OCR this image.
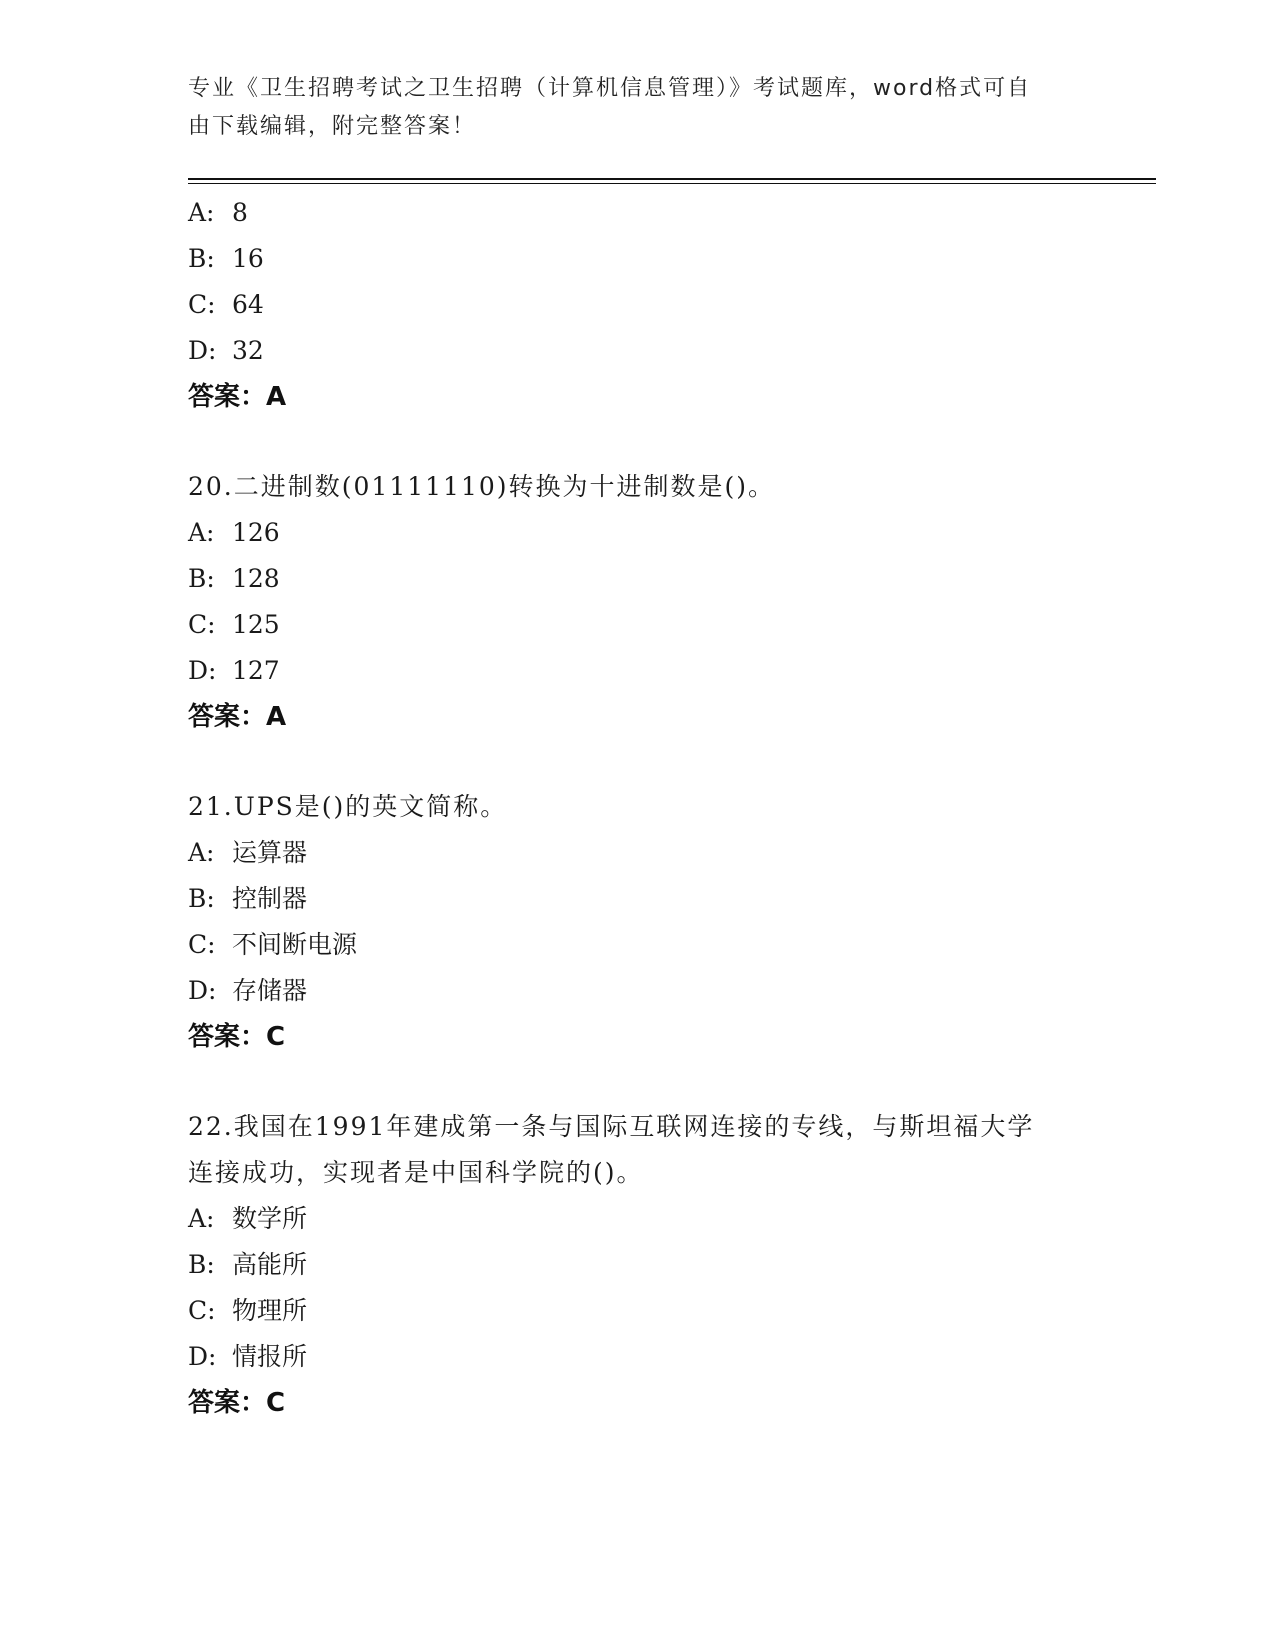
专业《卫生招聘考试之卫生招聘（计算机信息管理）》考试题库，word格式可自
由下载编辑，附完整答案！
A: 8
B: 16
C: 64
D: 32
答案：A
20.二进制数(01111110)转换为十进制数是()。
A: 126
B: 128
C: 125
D: 127
答案：A
21.UPS是()的英文简称。
A: 运算器
B: 控制器
C: 不间断电源
D: 存储器
答案：C
22.我国在1991年建成第一条与国际互联网连接的专线，与斯坦福大学连接成功，实现者是中国科学院的()。
A: 数学所
B: 高能所
C: 物理所
D: 情报所
答案：C
